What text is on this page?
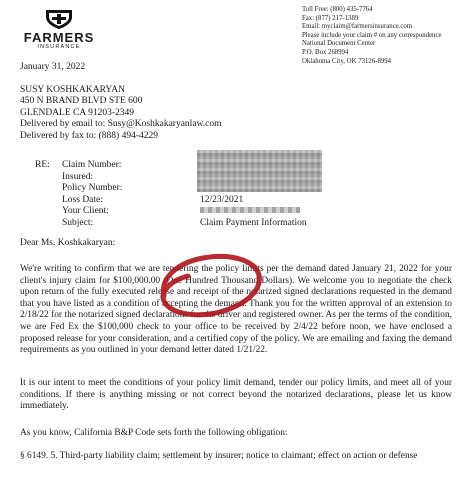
FARMERS
INSURANCE
Toll Free: (800) 435-7764
Fax: (877) 217-1389
Email: myclaim@farmersinsurance.com
Please include your claim # on any correspondence
National Document Center
P.O. Box 268994
Oklahoma City, OK 73126-8994
January 31, 2022
SUSY KOSHKAKARYAN
450 N BRAND BLVD STE 600
GLENDALE CA 91203-2349
Delivered by email to: Susy@Koshkakaryanlaw.com
Delivered by fax to: (888) 494-4229
RE: Claim Number:
Insured:
Policy Number:
Loss Date:
Your Client:
Subject:
12/23/2021
Claim Payment Information
Dear Ms. Koshkakaryan:
We're writing to confirm that we are tendering the policy limits per the demand dated January 21, 2022 for your client's injury claim for $100,000.00 (One Hundred Thousand Dollars). We welcome you to negotiate the check upon return of the fully executed release and receipt of the notarized signed declarations requested in the demand that you have listed as a condition of accepting the demand. Thank you for the written approval of an extension to 2/18/22 for the notarized signed declarations for the driver and registered owner. As per the terms of the condition, we are Fed Ex the $100,000 check to your office to be received by 2/4/22 before noon, we have enclosed a proposed release for your consideration, and a certified copy of the policy. We are emailing and faxing the demand requirements as you outlined in your demand letter dated 1/21/22.
It is our intent to meet the conditions of your policy limit demand, tender our policy limits, and meet all of your conditions. If there is anything missing or not correct beyond the notarized declarations, please let us know immediately.
As you know, California B&P Code sets forth the following obligation:
§ 6149. 5. Third-party liability claim; settlement by insurer; notice to claimant; effect on action or defense
